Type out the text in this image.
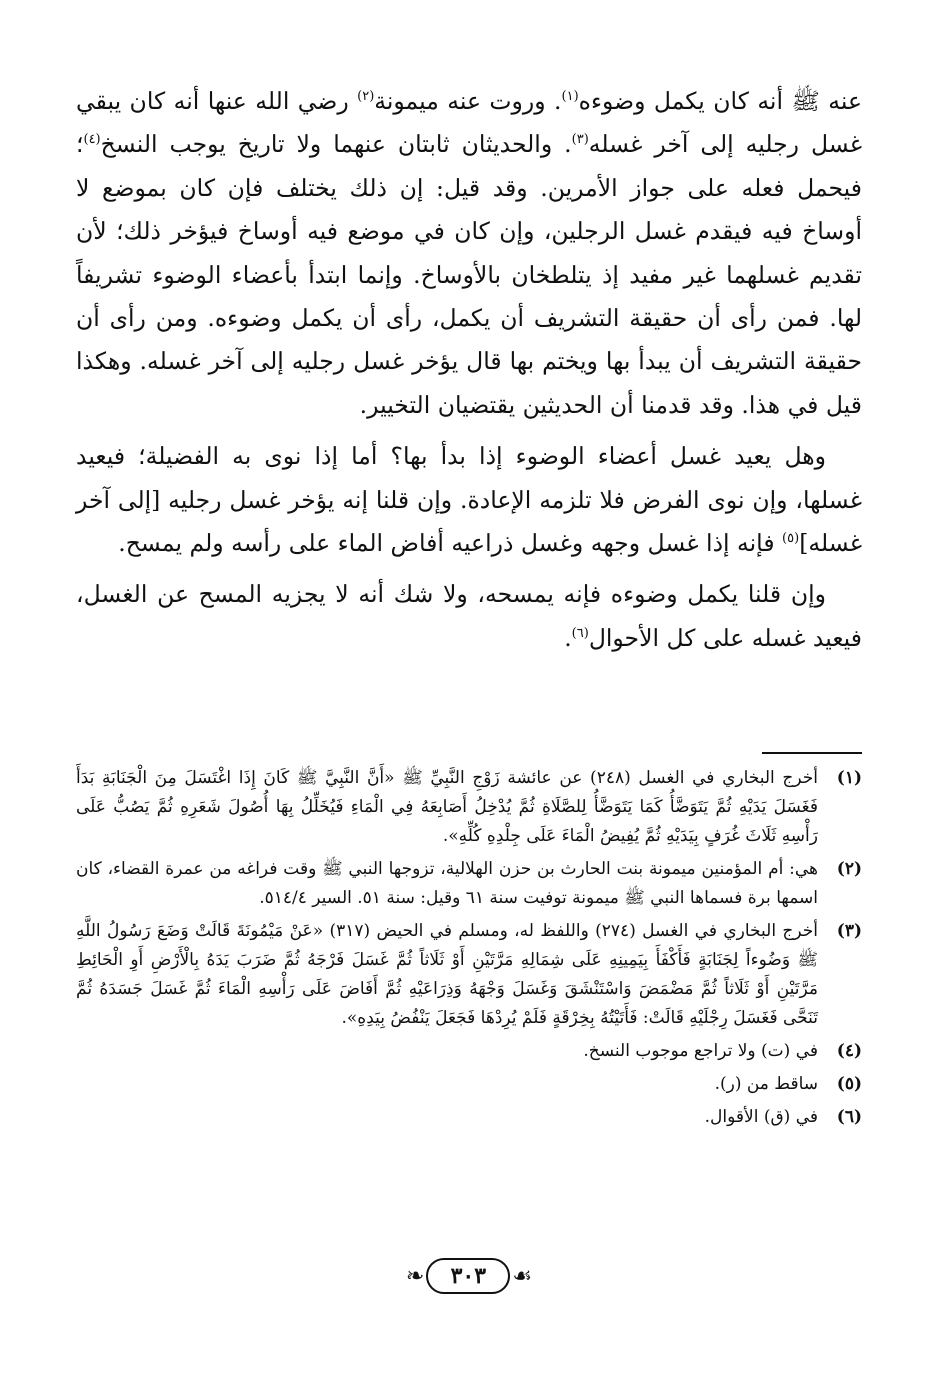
عنه ﷺ أنه كان يكمل وضوءه$^{(١)}$. وروت عنه ميمونة$^{(٢)}$ رضي الله عنها أنه كان يبقي غسل رجليه إلى آخر غسله$^{(٣)}$. والحديثان ثابتان عنهما ولا تاريخ يوجب النسخ$^{(٤)}$؛ فيحمل فعله على جواز الأمرين. وقد قيل: إن ذلك يختلف فإن كان بموضع لا أوساخ فيه فيقدم غسل الرجلين، وإن كان في موضع فيه أوساخ فيؤخر ذلك؛ لأن تقديم غسلهما غير مفيد إذ يتلطخان بالأوساخ. وإنما ابتدأ بأعضاء الوضوء تشريفاً لها. فمن رأى أن حقيقة التشريف أن يكمل، رأى أن يكمل وضوءه. ومن رأى أن حقيقة التشريف أن يبدأ بها ويختم بها قال يؤخر غسل رجليه إلى آخر غسله. وهكذا قيل في هذا. وقد قدمنا أن الحديثين يقتضيان التخيير.

وهل يعيد غسل أعضاء الوضوء إذا بدأ بها؟ أما إذا نوى به الفضيلة؛ فيعيد غسلها، وإن نوى الفرض فلا تلزمه الإعادة. وإن قلنا إنه يؤخر غسل رجليه [إلى آخر غسله]$^{(٥)}$ فإنه إذا غسل وجهه وغسل ذراعيه أفاض الماء على رأسه ولم يمسح.

وإن قلنا يكمل وضوءه فإنه يمسحه، ولا شك أنه لا يجزيه المسح عن الغسل، فيعيد غسله على كل الأحوال$^{(٦)}$.

(١)
أخرج البخاري في الغسل (٢٤٨) عن عائشة زَوْجِ النَّبِيِّ ﷺ «أَنَّ النَّبِيَّ ﷺ كَانَ إِذَا اغْتَسَلَ مِنَ الْجَنَابَةِ بَدَأَ فَغَسَلَ يَدَيْهِ ثُمَّ يَتَوَضَّأُ كَمَا يَتَوَضَّأُ لِلصَّلَاةِ ثُمَّ يُدْخِلُ أَصَابِعَهُ فِي الْمَاءِ فَيُخَلِّلُ بِهَا أُصُولَ شَعَرِهِ ثُمَّ يَصُبُّ عَلَى رَأْسِهِ ثَلَاثَ غُرَفٍ بِيَدَيْهِ ثُمَّ يُفِيضُ الْمَاءَ عَلَى جِلْدِهِ كُلِّهِ».
(٢)
هي: أم المؤمنين ميمونة بنت الحارث بن حزن الهلالية، تزوجها النبي ﷺ وقت فراغه من عمرة القضاء، كان اسمها برة فسماها النبي ﷺ ميمونة توفيت سنة ٦١ وقيل: سنة ٥١. السير ٥١٤/٤.
(٣)
أخرج البخاري في الغسل (٢٧٤) واللفظ له، ومسلم في الحيض (٣١٧) «عَنْ مَيْمُونَةَ قَالَتْ وَضَعَ رَسُولُ اللَّهِ ﷺ وَضُوءاً لِجَنَابَةٍ فَأَكْفَأَ بِيَمِينِهِ عَلَى شِمَالِهِ مَرَّتَيْنِ أَوْ ثَلَاثاً ثُمَّ غَسَلَ فَرْجَهُ ثُمَّ ضَرَبَ يَدَهُ بِالْأَرْضِ أَوِ الْحَائِطِ مَرَّتَيْنِ أَوْ ثَلَاثاً ثُمَّ مَضْمَضَ وَاسْتَنْشَقَ وَغَسَلَ وَجْهَهُ وَذِرَاعَيْهِ ثُمَّ أَفَاضَ عَلَى رَأْسِهِ الْمَاءَ ثُمَّ غَسَلَ جَسَدَهُ ثُمَّ تَنَحَّى فَغَسَلَ رِجْلَيْهِ قَالَتْ: فَأَتَيْتُهُ بِخِرْقَةٍ فَلَمْ يُرِدْهَا فَجَعَلَ يَنْفُضُ بِيَدِهِ».
(٤)
في (ت) ولا تراجع موجوب النسخ.
(٥)
ساقط من (ر).
(٦)
في (ق) الأقوال.
❧	٣٠٣	☙
